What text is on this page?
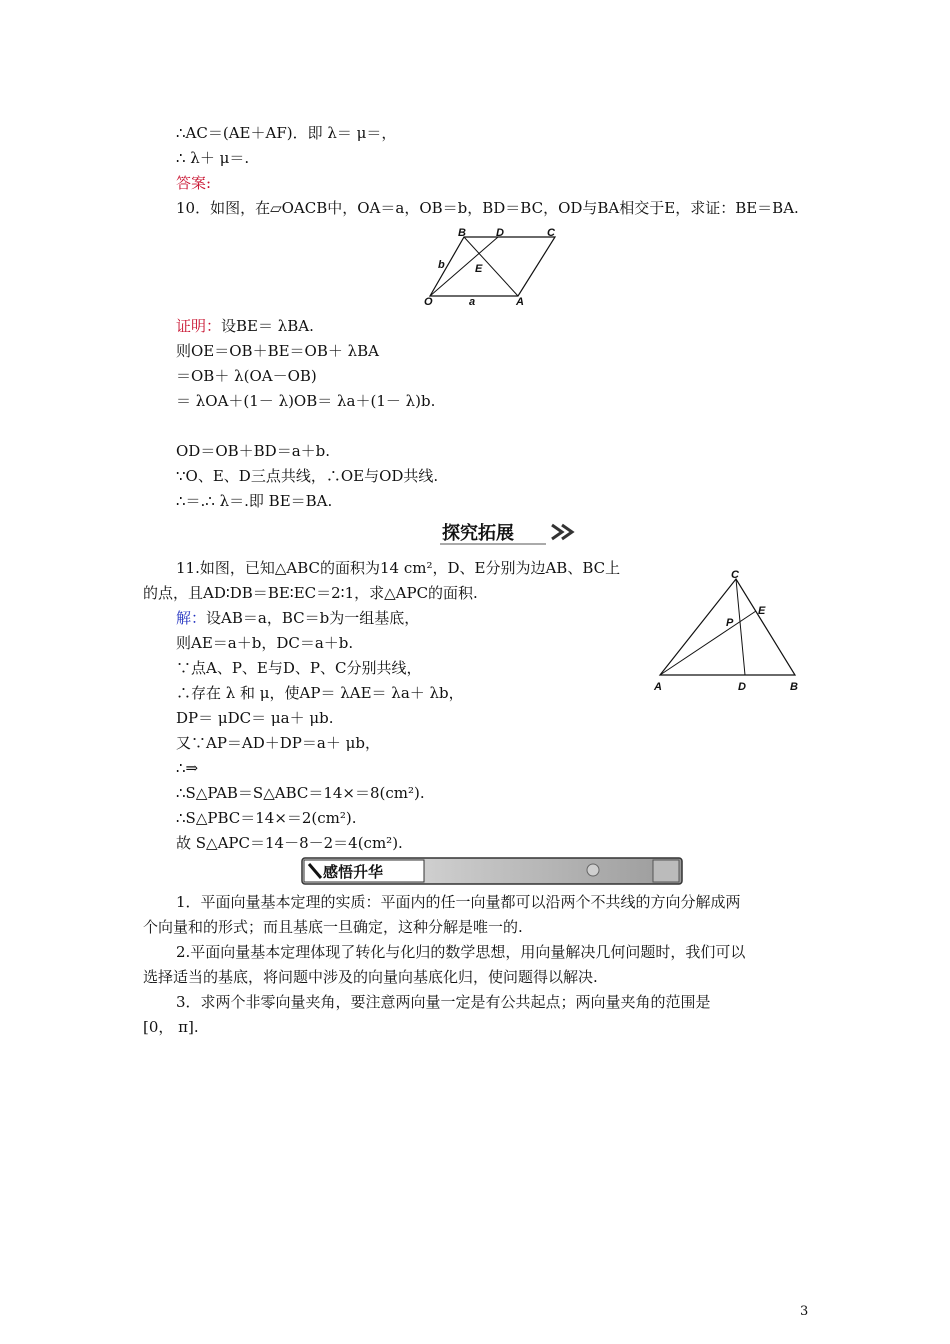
∴AC＝(AE＋AF)．即 λ＝ μ＝，
∴ λ＋ μ＝.
答案:
10．如图，在▱OACB中，OA＝a，OB＝b，BD＝BC，OD与BA相交于E，求证：BE＝BA.
B	D	C
b	E
O	a	A
证明：设BE＝ λBA.
则OE＝OB＋BE＝OB＋ λBA
＝OB＋ λ(OA－OB)
＝ λOA＋(1－ λ)OB＝ λa＋(1－ λ)b.
OD＝OB＋BD＝a＋b.
∵O、E、D三点共线，∴OE与OD共线.
∴＝.∴ λ＝.即 BE＝BA.
探究拓展
11.如图，已知△ABC的面积为14 cm²，D、E分别为边AB、BC上
的点，且AD∶DB＝BE∶EC＝2∶1，求△APC的面积.
C
E
P
A	D	B
解：设AB＝a，BC＝b为一组基底，
则AE＝a＋b，DC＝a＋b.
∵点A、P、E与D、P、C分别共线，
∴存在 λ 和 μ，使AP＝ λAE＝ λa＋ λb，
DP＝ μDC＝ μa＋ μb.
又∵AP＝AD＋DP＝a＋ μb，
∴⇒
∴S△PAB＝S△ABC＝14×＝8(cm²).
∴S△PBC＝14×＝2(cm²).
故 S△APC＝14－8－2＝4(cm²).
感悟升华
1．平面向量基本定理的实质：平面内的任一向量都可以沿两个不共线的方向分解成两
个向量和的形式；而且基底一旦确定，这种分解是唯一的.
2.平面向量基本定理体现了转化与化归的数学思想，用向量解决几何问题时，我们可以
选择适当的基底，将问题中涉及的向量向基底化归，使问题得以解决.
3．求两个非零向量夹角，要注意两向量一定是有公共起点；两向量夹角的范围是
[0， π].
3
